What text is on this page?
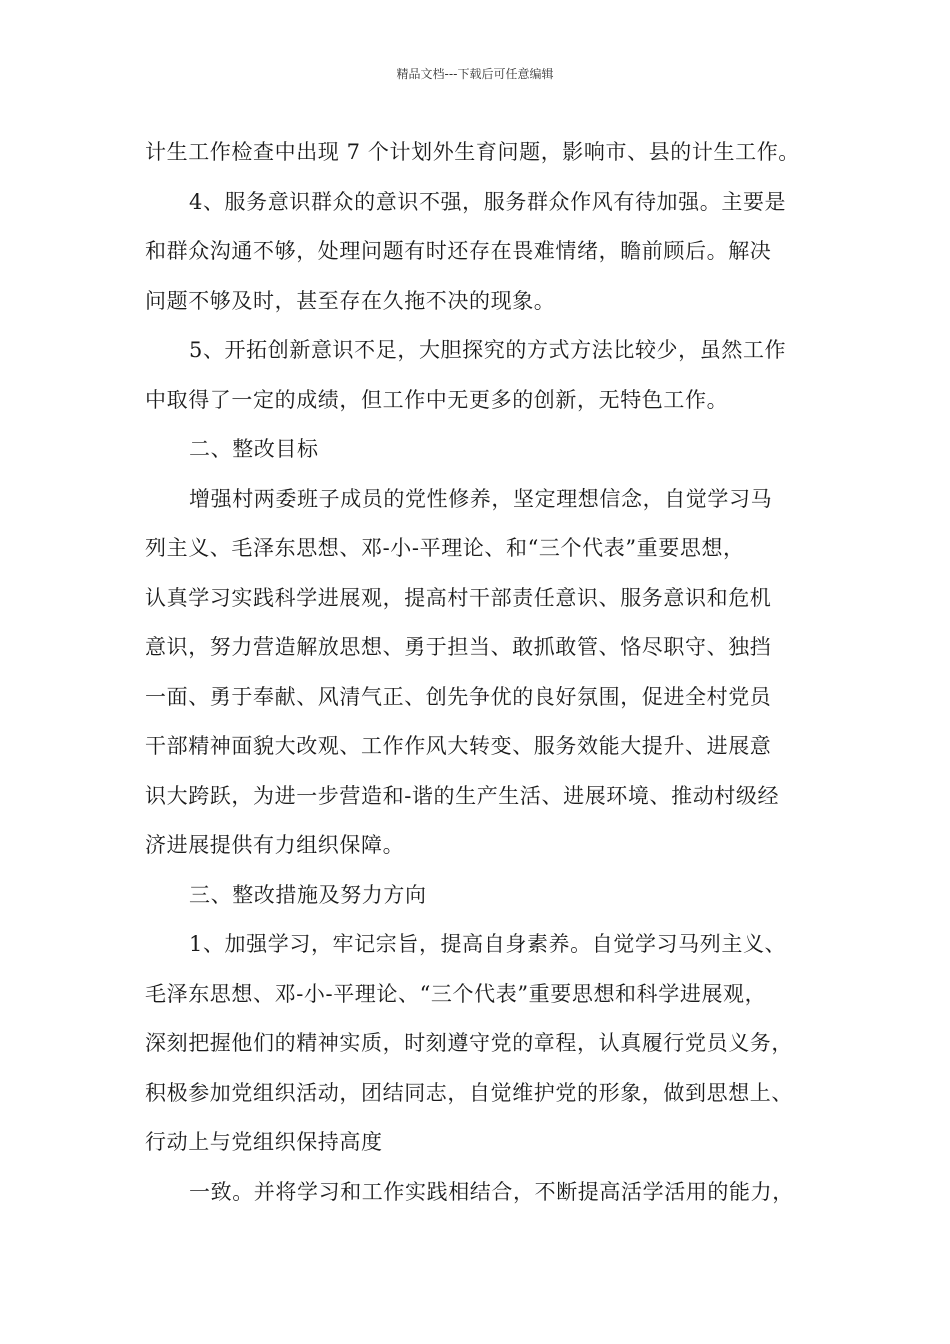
精品文档---下载后可任意编辑
计生工作检查中出现 7 个计划外生育问题，影响市、县的计生工作。
4、服务意识群众的意识不强，服务群众作风有待加强。主要是
和群众沟通不够，处理问题有时还存在畏难情绪，瞻前顾后。解决
问题不够及时，甚至存在久拖不决的现象。
5、开拓创新意识不足，大胆探究的方式方法比较少，虽然工作
中取得了一定的成绩，但工作中无更多的创新，无特色工作。
二、整改目标
增强村两委班子成员的党性修养，坚定理想信念，自觉学习马
列主义、毛泽东思想、邓-小-平理论、和“三个代表”重要思想，
认真学习实践科学进展观，提高村干部责任意识、服务意识和危机
意识，努力营造解放思想、勇于担当、敢抓敢管、恪尽职守、独挡
一面、勇于奉献、风清气正、创先争优的良好氛围，促进全村党员
干部精神面貌大改观、工作作风大转变、服务效能大提升、进展意
识大跨跃，为进一步营造和-谐的生产生活、进展环境、推动村级经
济进展提供有力组织保障。
三、整改措施及努力方向
1、加强学习，牢记宗旨，提高自身素养。自觉学习马列主义、
毛泽东思想、邓-小-平理论、“三个代表”重要思想和科学进展观，
深刻把握他们的精神实质，时刻遵守党的章程，认真履行党员义务，
积极参加党组织活动，团结同志，自觉维护党的形象，做到思想上、
行动上与党组织保持高度
一致。并将学习和工作实践相结合，不断提高活学活用的能力，
